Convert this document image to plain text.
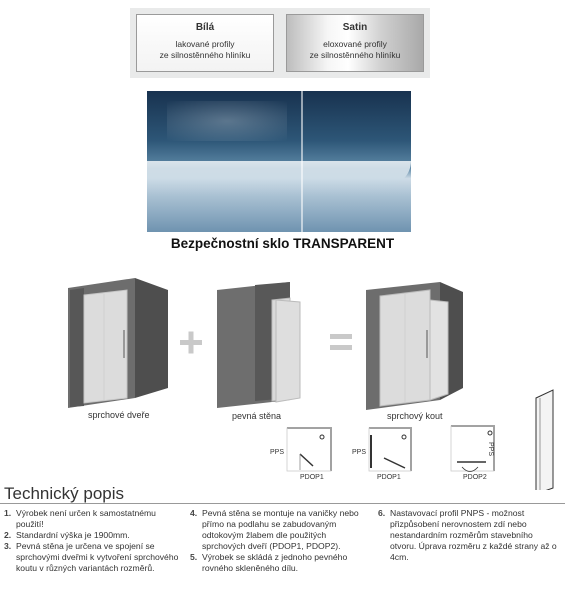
Bílá
lakované profily
ze silnostěnného hliníku
Satin
eloxované profily
ze silnostěnného hliníku
Bezpečnostní sklo TRANSPARENT
sprchové dveře	pevná stěna	sprchový kout
PPS
PDOP1
PPS
PDOP1
PPS
PDOP2
Technický popis
1. Výrobek není určen k samostatnému použití!
2. Standardní výška je 1900mm.
3. Pevná stěna je určena ve spojení se sprchovými dveřmi k vytvoření sprchového koutu v různých variantách rozměrů.
4. Pevná stěna se montuje na vaničky nebo přímo na podlahu se zabudovaným odtokovým žlabem dle použitých sprchových dveří (PDOP1, PDOP2).
5. Výrobek se skládá z jednoho pevného rovného skleněného dílu.
6. Nastavovací profil PNPS - možnost přizpůsobení nerovnostem zdí nebo nestandardním rozměrům stavebního otvoru. Úprava rozměru z každé strany až o 4cm.
